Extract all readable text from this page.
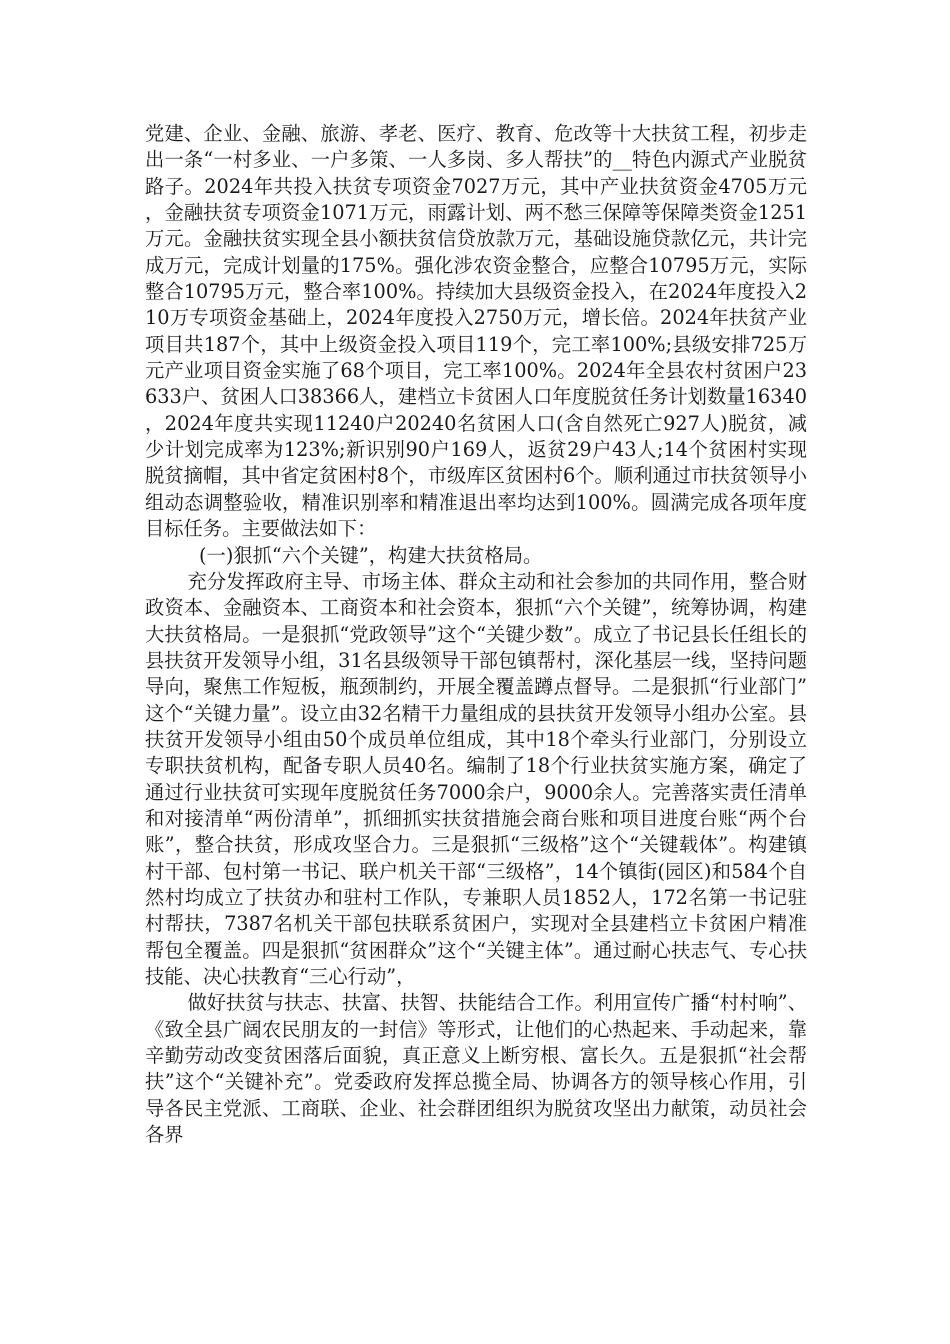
党建、企业、金融、旅游、孝老、医疗、教育、危改等十大扶贫工程，初步走出一条“一村多业、一户多策、一人多岗、多人帮扶”的__特色内源式产业脱贫路子。2024年共投入扶贫专项资金7027万元，其中产业扶贫资金4705万元，金融扶贫专项资金1071万元，雨露计划、两不愁三保障等保障类资金1251万元。金融扶贫实现全县小额扶贫信贷放款万元，基础设施贷款亿元，共计完成万元，完成计划量的175%。强化涉农资金整合，应整合10795万元，实际整合10795万元，整合率100%。持续加大县级资金投入，在2024年度投入210万专项资金基础上，2024年度投入2750万元，增长倍。2024年扶贫产业项目共187个，其中上级资金投入项目119个，完工率100%;县级安排725万元产业项目资金实施了68个项目，完工率100%。2024年全县农村贫困户23633户、贫困人口38366人，建档立卡贫困人口年度脱贫任务计划数量16340，2024年度共实现11240户20240名贫困人口(含自然死亡927人)脱贫，减少计划完成率为123%;新识别90户169人，返贫29户43人;14个贫困村实现脱贫摘帽，其中省定贫困村8个，市级库区贫困村6个。顺利通过市扶贫领导小组动态调整验收，精准识别率和精准退出率均达到100%。圆满完成各项年度目标任务。主要做法如下：

(一)狠抓“六个关键”，构建大扶贫格局。

充分发挥政府主导、市场主体、群众主动和社会参加的共同作用，整合财政资本、金融资本、工商资本和社会资本，狠抓“六个关键”，统筹协调，构建大扶贫格局。一是狠抓“党政领导”这个“关键少数”。成立了书记县长任组长的县扶贫开发领导小组，31名县级领导干部包镇帮村，深化基层一线，坚持问题导向，聚焦工作短板，瓶颈制约，开展全覆盖蹲点督导。二是狠抓“行业部门”这个“关键力量”。设立由32名精干力量组成的县扶贫开发领导小组办公室。县扶贫开发领导小组由50个成员单位组成，其中18个牵头行业部门，分别设立专职扶贫机构，配备专职人员40名。编制了18个行业扶贫实施方案，确定了通过行业扶贫可实现年度脱贫任务7000余户，9000余人。完善落实责任清单和对接清单“两份清单”，抓细抓实扶贫措施会商台账和项目进度台账“两个台账”，整合扶贫，形成攻坚合力。三是狠抓“三级格”这个“关键载体”。构建镇村干部、包村第一书记、联户机关干部“三级格”，14个镇街(园区)和584个自然村均成立了扶贫办和驻村工作队，专兼职人员1852人，172名第一书记驻村帮扶，7387名机关干部包扶联系贫困户，实现对全县建档立卡贫困户精准帮包全覆盖。四是狠抓“贫困群众”这个“关键主体”。通过耐心扶志气、专心扶技能、决心扶教育“三心行动”，

做好扶贫与扶志、扶富、扶智、扶能结合工作。利用宣传广播“村村响”、《致全县广阔农民朋友的一封信》等形式，让他们的心热起来、手动起来，靠辛勤劳动改变贫困落后面貌，真正意义上断穷根、富长久。五是狠抓“社会帮扶”这个“关键补充”。党委政府发挥总揽全局、协调各方的领导核心作用，引导各民主党派、工商联、企业、社会群团组织为脱贫攻坚出力献策，动员社会各界
